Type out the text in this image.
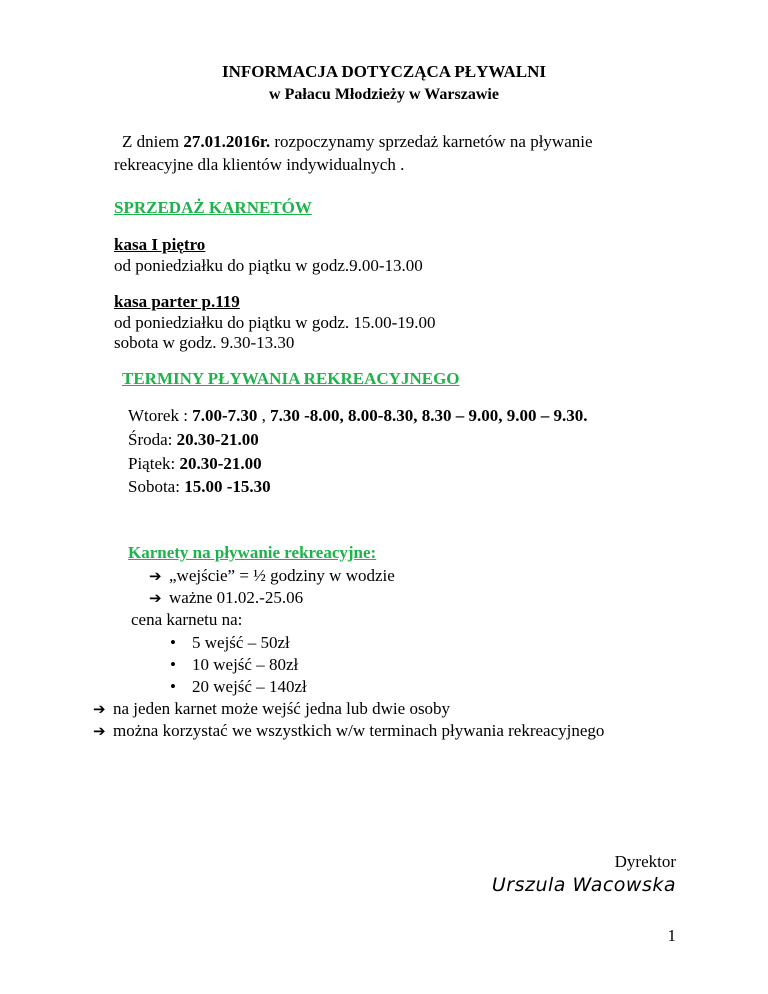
INFORMACJA DOTYCZĄCA PŁYWALNI
w Pałacu Młodzieży w Warszawie
Z dniem 27.01.2016r. rozpoczynamy sprzedaż karnetów na pływanie
rekreacyjne dla klientów indywidualnych .
SPRZEDAŻ KARNETÓW
kasa I piętro
od poniedziałku do piątku w godz.9.00-13.00
kasa parter p.119
od poniedziałku do piątku w godz. 15.00-19.00
sobota w godz. 9.30-13.30
TERMINY PŁYWANIA REKREACYJNEGO
Wtorek : 7.00-7.30 , 7.30 -8.00, 8.00-8.30, 8.30 – 9.00, 9.00 – 9.30.
Środa: 20.30-21.00
Piątek: 20.30-21.00
Sobota: 15.00 -15.30
Karnety na pływanie rekreacyjne:
➔ „wejście” = ½ godziny w wodzie
➔ ważne 01.02.-25.06
cena karnetu na:
• 5 wejść – 50zł
• 10 wejść – 80zł
• 20 wejść – 140zł
➔ na jeden karnet może wejść jedna lub dwie osoby
➔ można korzystać we wszystkich w/w terminach pływania rekreacyjnego
Dyrektor
Urszula Wacowska
1
